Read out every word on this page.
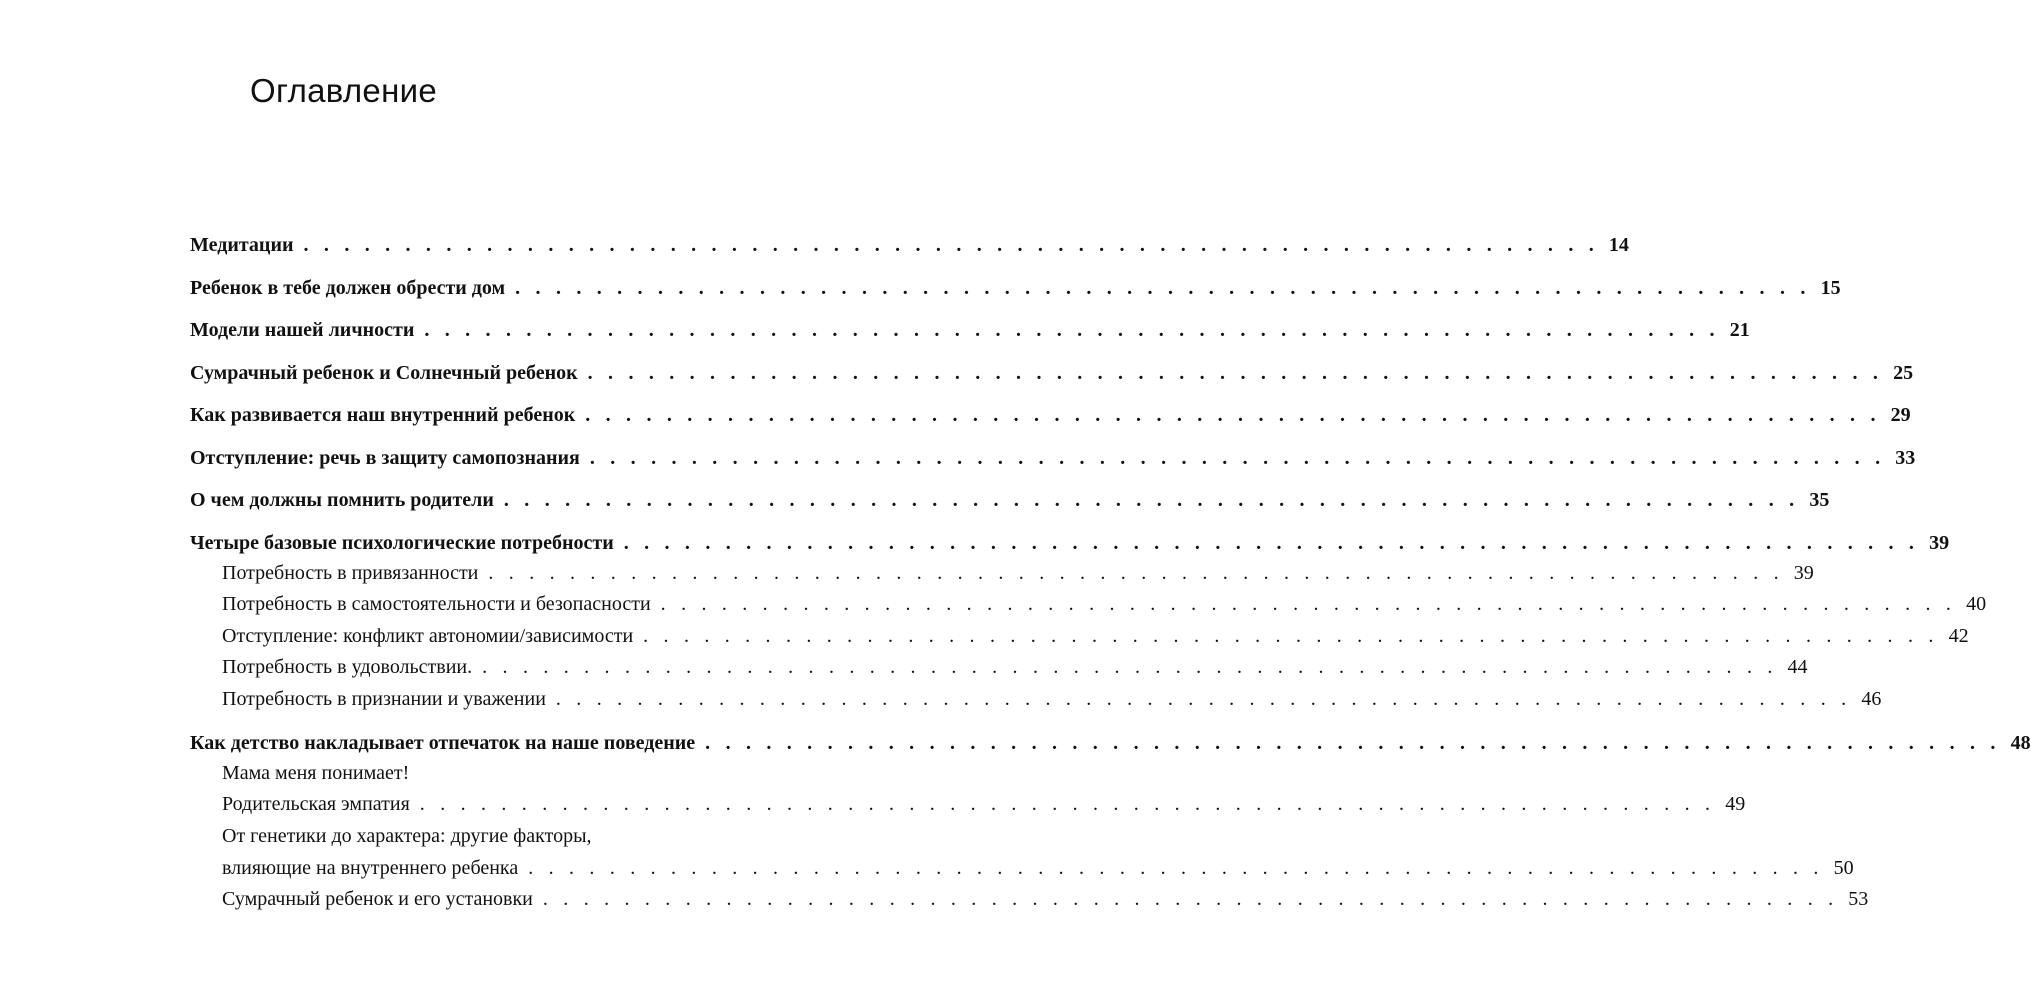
Оглавление
Медитации . . . . . . . . . . . . . . . . . . . . . . . . . . . . . . . . . . . . . . . . . . . . . . . . . . . . . . . . . . . . . . . . 14
Ребенок в тебе должен обрести дом . . . . . . . . . . . . . . . . . . . . . . . . . . . . . . . . . . . . . . . . . . . . . . . . . . . . . . . . . . . . . . . . 15
Модели нашей личности . . . . . . . . . . . . . . . . . . . . . . . . . . . . . . . . . . . . . . . . . . . . . . . . . . . . . . . . . . . . . . . . 21
Сумрачный ребенок и Солнечный ребенок . . . . . . . . . . . . . . . . . . . . . . . . . . . . . . . . . . . . . . . . . . . . . . . . . . . . . . . . . . . . . . . . 25
Как развивается наш внутренний ребенок . . . . . . . . . . . . . . . . . . . . . . . . . . . . . . . . . . . . . . . . . . . . . . . . . . . . . . . . . . . . . . . . 29
Отступление: речь в защиту самопознания . . . . . . . . . . . . . . . . . . . . . . . . . . . . . . . . . . . . . . . . . . . . . . . . . . . . . . . . . . . . . . . . 33
О чем должны помнить родители . . . . . . . . . . . . . . . . . . . . . . . . . . . . . . . . . . . . . . . . . . . . . . . . . . . . . . . . . . . . . . . . 35
Четыре базовые психологические потребности . . . . . . . . . . . . . . . . . . . . . . . . . . . . . . . . . . . . . . . . . . . . . . . . . . . . . . . . . . . . . . . . 39
Потребность в привязанности . . . . . . . . . . . . . . . . . . . . . . . . . . . . . . . . . . . . . . . . . . . . . . . . . . . . . . . . . . . . . . . . 39
Потребность в самостоятельности и безопасности . . . . . . . . . . . . . . . . . . . . . . . . . . . . . . . . . . . . . . . . . . . . . . . . . . . . . . . . . . . . . . . . 40
Отступление: конфликт автономии/зависимости . . . . . . . . . . . . . . . . . . . . . . . . . . . . . . . . . . . . . . . . . . . . . . . . . . . . . . . . . . . . . . . . 42
Потребность в удовольствии. . . . . . . . . . . . . . . . . . . . . . . . . . . . . . . . . . . . . . . . . . . . . . . . . . . . . . . . . . . . . . . . . 44
Потребность в признании и уважении . . . . . . . . . . . . . . . . . . . . . . . . . . . . . . . . . . . . . . . . . . . . . . . . . . . . . . . . . . . . . . . . 46
Как детство накладывает отпечаток на наше поведение . . . . . . . . . . . . . . . . . . . . . . . . . . . . . . . . . . . . . . . . . . . . . . . . . . . . . . . . . . . . . . . . 48
Мама меня понимает!
Родительская эмпатия . . . . . . . . . . . . . . . . . . . . . . . . . . . . . . . . . . . . . . . . . . . . . . . . . . . . . . . . . . . . . . . . 49
От генетики до характера: другие факторы,
влияющие на внутреннего ребенка . . . . . . . . . . . . . . . . . . . . . . . . . . . . . . . . . . . . . . . . . . . . . . . . . . . . . . . . . . . . . . . . 50
Сумрачный ребенок и его установки . . . . . . . . . . . . . . . . . . . . . . . . . . . . . . . . . . . . . . . . . . . . . . . . . . . . . . . . . . . . . . . . 53
